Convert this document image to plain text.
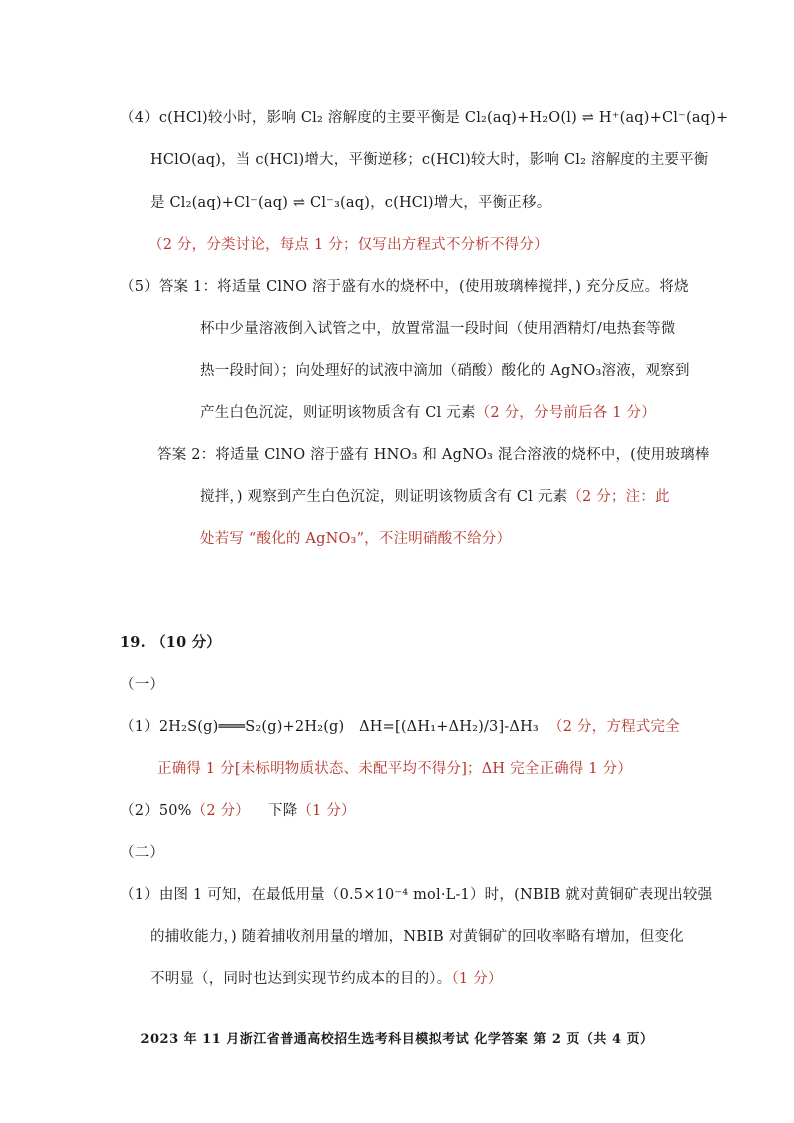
（4）c(HCl)较小时，影响 Cl₂ 溶解度的主要平衡是 Cl₂(aq)+H₂O(l) ⇌ H⁺(aq)+Cl⁻(aq)+
HClO(aq)，当 c(HCl)增大，平衡逆移；c(HCl)较大时，影响 Cl₂ 溶解度的主要平衡
是 Cl₂(aq)+Cl⁻(aq) ⇌ Cl⁻₃(aq)，c(HCl)增大，平衡正移。
（2 分，分类讨论，每点 1 分；仅写出方程式不分析不得分）
（5）答案 1：将适量 ClNO 溶于盛有水的烧杯中，(使用玻璃棒搅拌，) 充分反应。将烧
杯中少量溶液倒入试管之中，放置常温一段时间（使用酒精灯/电热套等微
热一段时间）；向处理好的试液中滴加（硝酸）酸化的 AgNO₃溶液，观察到
产生白色沉淀，则证明该物质含有 Cl 元素（2 分，分号前后各 1 分）
答案 2：将适量 ClNO 溶于盛有 HNO₃ 和 AgNO₃ 混合溶液的烧杯中，(使用玻璃棒
搅拌，) 观察到产生白色沉淀，则证明该物质含有 Cl 元素（2 分；注：此
处若写 “酸化的 AgNO₃”，不注明硝酸不给分）
19. （10 分）
（一）
（1）2H₂S(g)═══S₂(g)+2H₂(g)　ΔH=[(ΔH₁+ΔH₂)/3]-ΔH₃ （2 分，方程式完全
正确得 1 分[未标明物质状态、未配平均不得分]；ΔH 完全正确得 1 分）
（2）50%（2 分） 下降（1 分）
（二）
（1）由图 1 可知，在最低用量（0.5×10⁻⁴ mol·L-1）时，(NBIB 就对黄铜矿表现出较强
的捕收能力，) 随着捕收剂用量的增加，NBIB 对黄铜矿的回收率略有增加，但变化
不明显（，同时也达到实现节约成本的目的）。（1 分）
2023 年 11 月浙江省普通高校招生选考科目模拟考试 化学答案 第 2 页（共 4 页）
